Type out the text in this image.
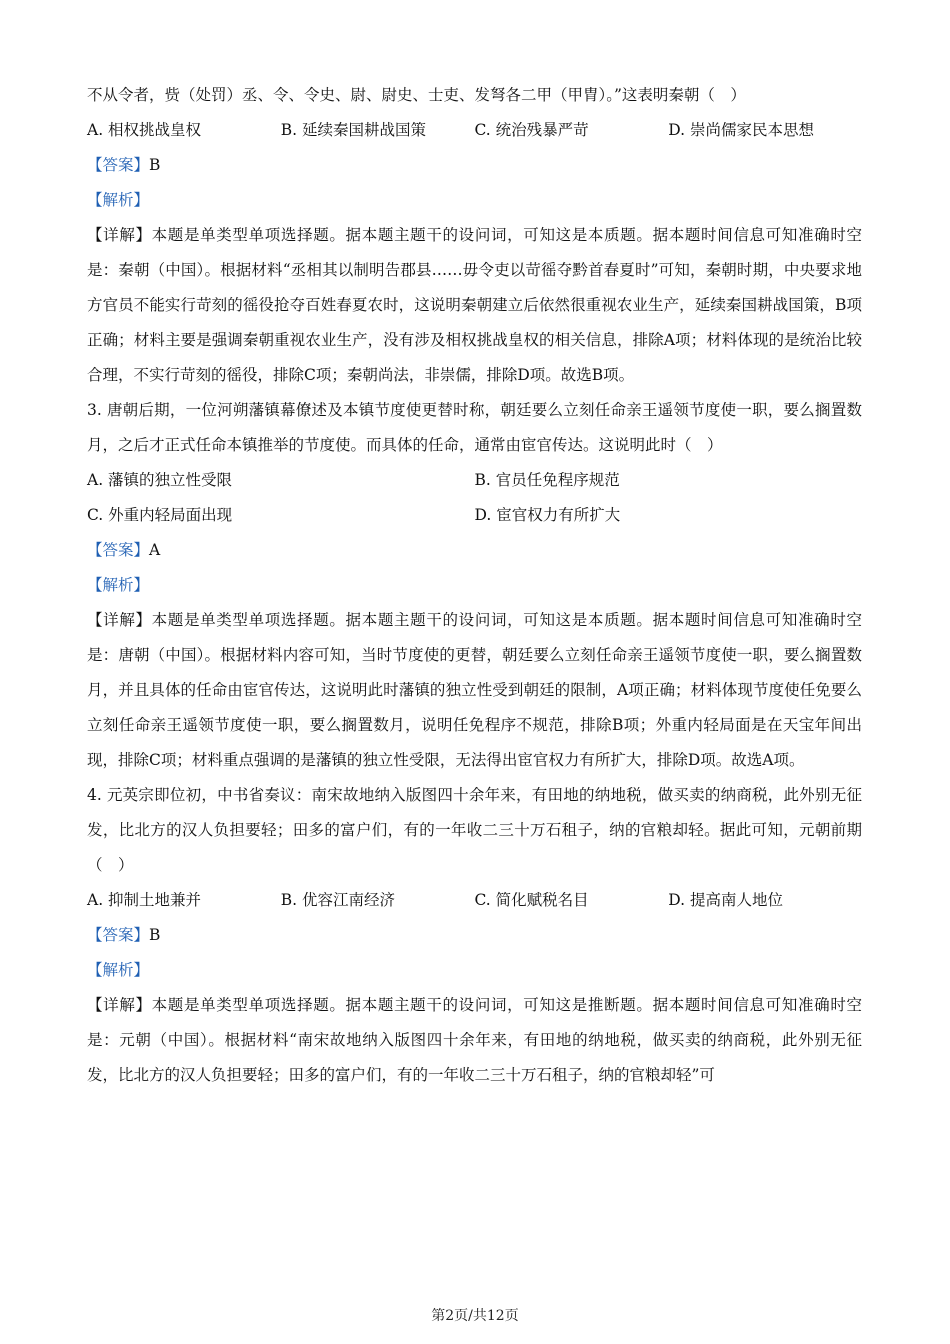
不从令者，赀（处罚）丞、令、令史、尉、尉史、士吏、发弩各二甲（甲胄）。”这表明秦朝（　）
A. 相权挑战皇权	B. 延续秦国耕战国策	C. 统治残暴严苛	D. 崇尚儒家民本思想
【答案】B
【解析】
【详解】本题是单类型单项选择题。据本题主题干的设问词，可知这是本质题。据本题时间信息可知准确时空是：秦朝（中国）。根据材料“丞相其以制明告郡县……毋令吏以苛徭夺黔首春夏时”可知，秦朝时期，中央要求地方官员不能实行苛刻的徭役抢夺百姓春夏农时，这说明秦朝建立后依然很重视农业生产，延续秦国耕战国策，B项正确；材料主要是强调秦朝重视农业生产，没有涉及相权挑战皇权的相关信息，排除A项；材料体现的是统治比较合理，不实行苛刻的徭役，排除C项；秦朝尚法，非崇儒，排除D项。故选B项。
3. 唐朝后期，一位河朔藩镇幕僚述及本镇节度使更替时称，朝廷要么立刻任命亲王遥领节度使一职，要么搁置数月，之后才正式任命本镇推举的节度使。而具体的任命，通常由宦官传达。这说明此时（　）
A. 藩镇的独立性受限	B. 官员任免程序规范
C. 外重内轻局面出现	D. 宦官权力有所扩大
【答案】A
【解析】
【详解】本题是单类型单项选择题。据本题主题干的设问词，可知这是本质题。据本题时间信息可知准确时空是：唐朝（中国）。根据材料内容可知，当时节度使的更替，朝廷要么立刻任命亲王遥领节度使一职，要么搁置数月，并且具体的任命由宦官传达，这说明此时藩镇的独立性受到朝廷的限制，A项正确；材料体现节度使任免要么立刻任命亲王遥领节度使一职，要么搁置数月，说明任免程序不规范，排除B项；外重内轻局面是在天宝年间出现，排除C项；材料重点强调的是藩镇的独立性受限，无法得出宦官权力有所扩大，排除D项。故选A项。
4. 元英宗即位初，中书省奏议：南宋故地纳入版图四十余年来，有田地的纳地税，做买卖的纳商税，此外别无征发，比北方的汉人负担要轻；田多的富户们，有的一年收二三十万石租子，纳的官粮却轻。据此可知，元朝前期（　）
A. 抑制土地兼并	B. 优容江南经济	C. 简化赋税名目	D. 提高南人地位
【答案】B
【解析】
【详解】本题是单类型单项选择题。据本题主题干的设问词，可知这是推断题。据本题时间信息可知准确时空是：元朝（中国）。根据材料“南宋故地纳入版图四十余年来，有田地的纳地税，做买卖的纳商税，此外别无征发，比北方的汉人负担要轻；田多的富户们，有的一年收二三十万石租子，纳的官粮却轻”可
第2页/共12页
